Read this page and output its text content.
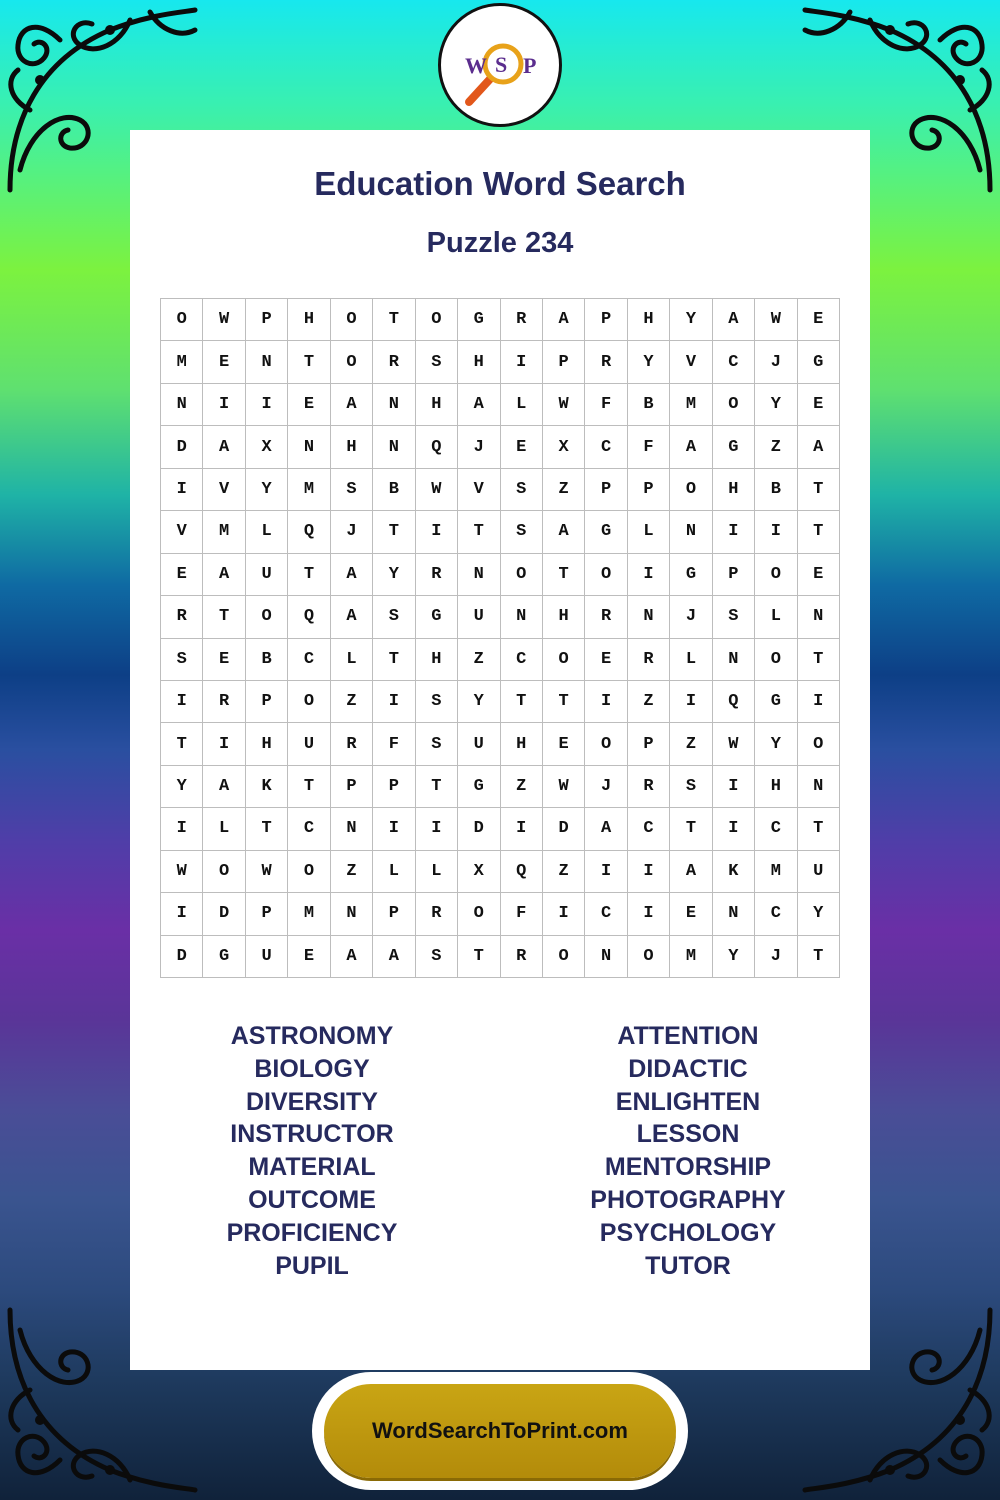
W S P
Education Word Search
Puzzle 234
O	W	P	H	O	T	O	G	R	A	P	H	Y	A	W	E
M	E	N	T	O	R	S	H	I	P	R	Y	V	C	J	G
N	I	I	E	A	N	H	A	L	W	F	B	M	O	Y	E
D	A	X	N	H	N	Q	J	E	X	C	F	A	G	Z	A
I	V	Y	M	S	B	W	V	S	Z	P	P	O	H	B	T
V	M	L	Q	J	T	I	T	S	A	G	L	N	I	I	T
E	A	U	T	A	Y	R	N	O	T	O	I	G	P	O	E
R	T	O	Q	A	S	G	U	N	H	R	N	J	S	L	N
S	E	B	C	L	T	H	Z	C	O	E	R	L	N	O	T
I	R	P	O	Z	I	S	Y	T	T	I	Z	I	Q	G	I
T	I	H	U	R	F	S	U	H	E	O	P	Z	W	Y	O
Y	A	K	T	P	P	T	G	Z	W	J	R	S	I	H	N
I	L	T	C	N	I	I	D	I	D	A	C	T	I	C	T
W	O	W	O	Z	L	L	X	Q	Z	I	I	A	K	M	U
I	D	P	M	N	P	R	O	F	I	C	I	E	N	C	Y
D	G	U	E	A	A	S	T	R	O	N	O	M	Y	J	T
ASTRONOMY
BIOLOGY
DIVERSITY
INSTRUCTOR
MATERIAL
OUTCOME
PROFICIENCY
PUPIL
ATTENTION
DIDACTIC
ENLIGHTEN
LESSON
MENTORSHIP
PHOTOGRAPHY
PSYCHOLOGY
TUTOR
WordSearchToPrint.com
